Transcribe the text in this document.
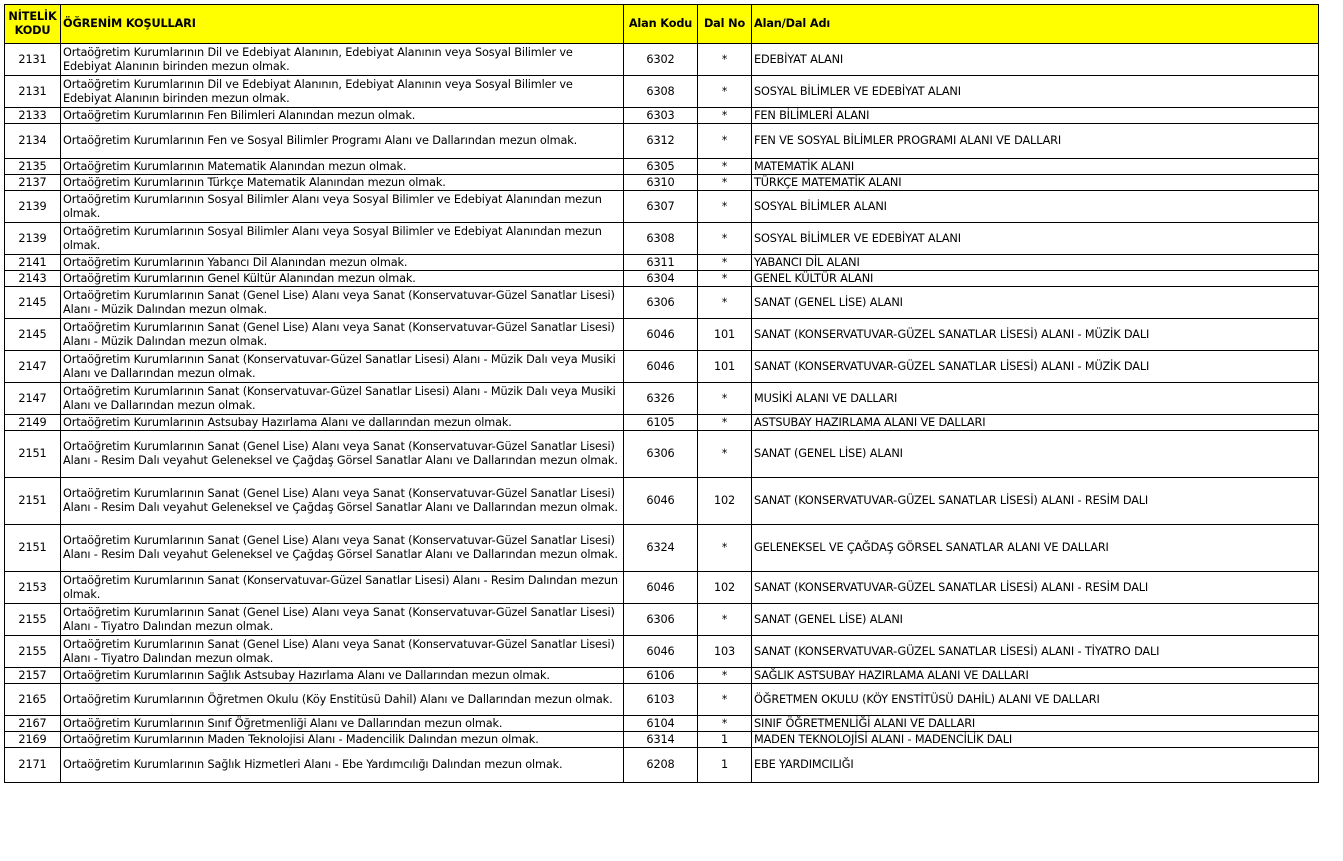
NİTELİK KODU	ÖĞRENİM KOŞULLARI	Alan Kodu	Dal No	Alan/Dal Adı
2131	Ortaöğretim Kurumlarının Dil ve Edebiyat Alanının, Edebiyat Alanının veya Sosyal Bilimler ve Edebiyat Alanının birinden mezun olmak.	6302	*	EDEBİYAT ALANI
2131	Ortaöğretim Kurumlarının Dil ve Edebiyat Alanının, Edebiyat Alanının veya Sosyal Bilimler ve Edebiyat Alanının birinden mezun olmak.	6308	*	SOSYAL BİLİMLER VE EDEBİYAT ALANI
2133	Ortaöğretim Kurumlarının Fen Bilimleri Alanından mezun olmak.	6303	*	FEN BİLİMLERİ ALANI
2134	Ortaöğretim Kurumlarının Fen ve Sosyal Bilimler Programı Alanı ve Dallarından mezun olmak.	6312	*	FEN VE SOSYAL BİLİMLER PROGRAMI ALANI VE DALLARI
2135	Ortaöğretim Kurumlarının Matematik Alanından mezun olmak.	6305	*	MATEMATİK ALANI
2137	Ortaöğretim Kurumlarının Türkçe Matematik Alanından mezun olmak.	6310	*	TÜRKÇE MATEMATİK ALANI
2139	Ortaöğretim Kurumlarının Sosyal Bilimler Alanı veya Sosyal Bilimler ve Edebiyat Alanından mezun olmak.	6307	*	SOSYAL BİLİMLER ALANI
2139	Ortaöğretim Kurumlarının Sosyal Bilimler Alanı veya Sosyal Bilimler ve Edebiyat Alanından mezun olmak.	6308	*	SOSYAL BİLİMLER VE EDEBİYAT ALANI
2141	Ortaöğretim Kurumlarının Yabancı Dil Alanından mezun olmak.	6311	*	YABANCI DİL ALANI
2143	Ortaöğretim Kurumlarının Genel Kültür Alanından mezun olmak.	6304	*	GENEL KÜLTÜR ALANI
2145	Ortaöğretim Kurumlarının Sanat (Genel Lise) Alanı veya Sanat (Konservatuvar-Güzel Sanatlar Lisesi) Alanı - Müzik Dalından mezun olmak.	6306	*	SANAT (GENEL LİSE) ALANI
2145	Ortaöğretim Kurumlarının Sanat (Genel Lise) Alanı veya Sanat (Konservatuvar-Güzel Sanatlar Lisesi) Alanı - Müzik Dalından mezun olmak.	6046	101	SANAT (KONSERVATUVAR-GÜZEL SANATLAR LİSESİ) ALANI - MÜZİK DALI
2147	Ortaöğretim Kurumlarının Sanat (Konservatuvar-Güzel Sanatlar Lisesi) Alanı - Müzik Dalı veya Musiki Alanı ve Dallarından mezun olmak.	6046	101	SANAT (KONSERVATUVAR-GÜZEL SANATLAR LİSESİ) ALANI - MÜZİK DALI
2147	Ortaöğretim Kurumlarının Sanat (Konservatuvar-Güzel Sanatlar Lisesi) Alanı - Müzik Dalı veya Musiki Alanı ve Dallarından mezun olmak.	6326	*	MUSİKİ ALANI VE DALLARI
2149	Ortaöğretim Kurumlarının Astsubay Hazırlama Alanı ve dallarından mezun olmak.	6105	*	ASTSUBAY HAZIRLAMA ALANI VE DALLARI
2151	Ortaöğretim Kurumlarının Sanat (Genel Lise) Alanı veya Sanat (Konservatuvar-Güzel Sanatlar Lisesi) Alanı - Resim Dalı veyahut Geleneksel ve Çağdaş Görsel Sanatlar Alanı ve Dallarından mezun olmak.	6306	*	SANAT (GENEL LİSE) ALANI
2151	Ortaöğretim Kurumlarının Sanat (Genel Lise) Alanı veya Sanat (Konservatuvar-Güzel Sanatlar Lisesi) Alanı - Resim Dalı veyahut Geleneksel ve Çağdaş Görsel Sanatlar Alanı ve Dallarından mezun olmak.	6046	102	SANAT (KONSERVATUVAR-GÜZEL SANATLAR LİSESİ) ALANI - RESİM DALI
2151	Ortaöğretim Kurumlarının Sanat (Genel Lise) Alanı veya Sanat (Konservatuvar-Güzel Sanatlar Lisesi) Alanı - Resim Dalı veyahut Geleneksel ve Çağdaş Görsel Sanatlar Alanı ve Dallarından mezun olmak.	6324	*	GELENEKSEL VE ÇAĞDAŞ GÖRSEL SANATLAR ALANI VE DALLARI
2153	Ortaöğretim Kurumlarının Sanat (Konservatuvar-Güzel Sanatlar Lisesi) Alanı - Resim Dalından mezun olmak.	6046	102	SANAT (KONSERVATUVAR-GÜZEL SANATLAR LİSESİ) ALANI - RESİM DALI
2155	Ortaöğretim Kurumlarının Sanat (Genel Lise) Alanı veya Sanat (Konservatuvar-Güzel Sanatlar Lisesi) Alanı - Tiyatro Dalından mezun olmak.	6306	*	SANAT (GENEL LİSE) ALANI
2155	Ortaöğretim Kurumlarının Sanat (Genel Lise) Alanı veya Sanat (Konservatuvar-Güzel Sanatlar Lisesi) Alanı - Tiyatro Dalından mezun olmak.	6046	103	SANAT (KONSERVATUVAR-GÜZEL SANATLAR LİSESİ) ALANI - TİYATRO DALI
2157	Ortaöğretim Kurumlarının Sağlık Astsubay Hazırlama Alanı ve Dallarından mezun olmak.	6106	*	SAĞLIK ASTSUBAY HAZIRLAMA ALANI VE DALLARI
2165	Ortaöğretim Kurumlarının Öğretmen Okulu (Köy Enstitüsü Dahil) Alanı ve Dallarından mezun olmak.	6103	*	ÖĞRETMEN OKULU (KÖY ENSTİTÜSÜ DAHİL) ALANI VE DALLARI
2167	Ortaöğretim Kurumlarının Sınıf Öğretmenliği Alanı ve Dallarından mezun olmak.	6104	*	SINIF ÖĞRETMENLİĞİ ALANI VE DALLARI
2169	Ortaöğretim Kurumlarının Maden Teknolojisi Alanı - Madencilik Dalından mezun olmak.	6314	1	MADEN TEKNOLOJİSİ ALANI - MADENCİLİK DALI
2171	Ortaöğretim Kurumlarının Sağlık Hizmetleri Alanı - Ebe Yardımcılığı Dalından mezun olmak.	6208	1	EBE YARDIMCILIĞI
